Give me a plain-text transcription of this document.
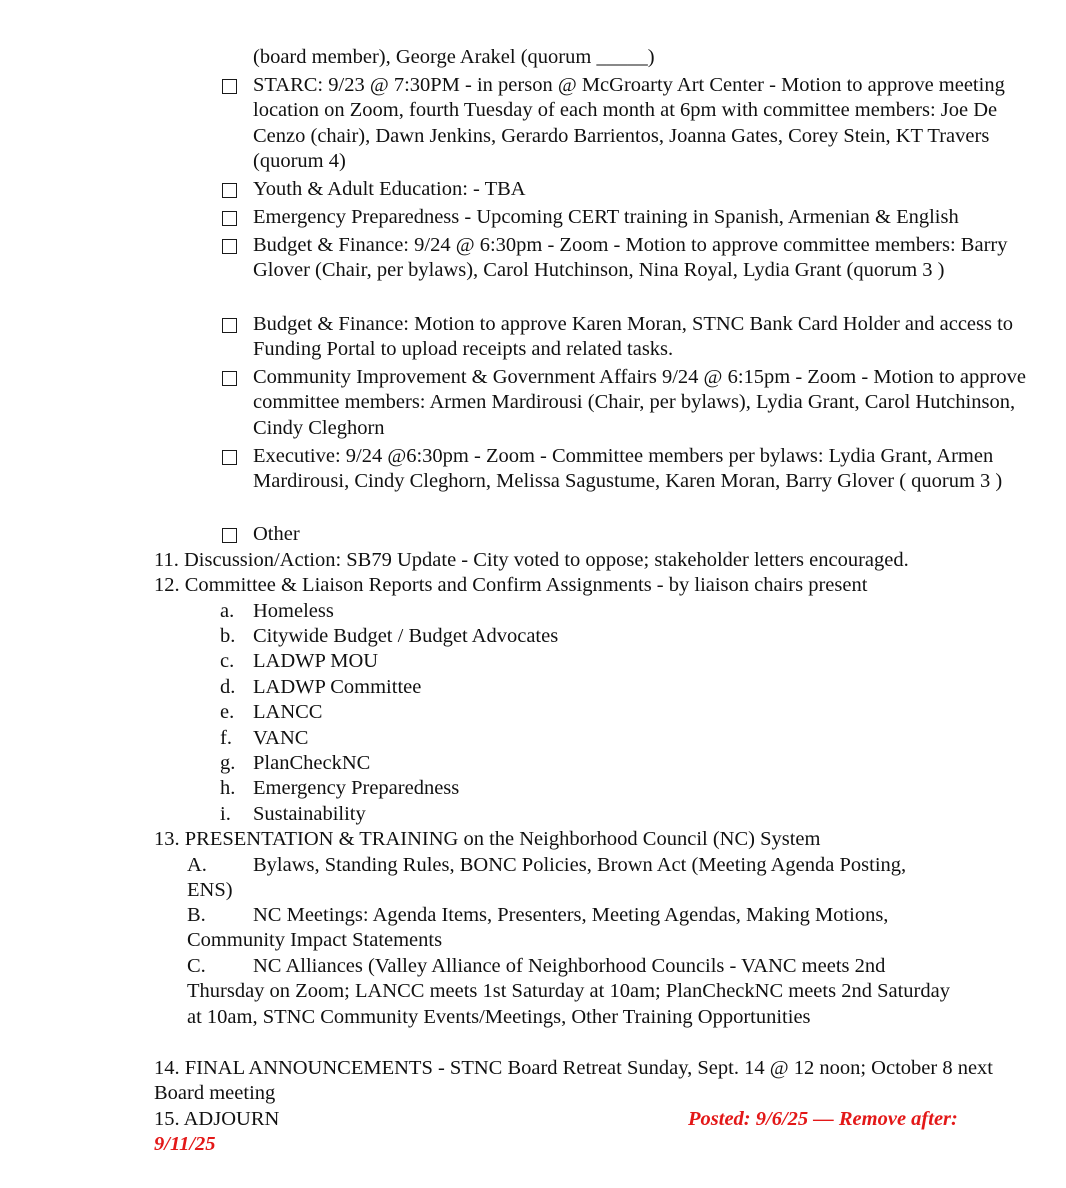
(board member), George Arakel (quorum _____)
STARC: 9/23 @ 7:30PM - in person @ McGroarty Art Center - Motion to approve meeting location on Zoom, fourth Tuesday of each month at 6pm with committee members: Joe De Cenzo (chair), Dawn Jenkins, Gerardo Barrientos, Joanna Gates, Corey Stein, KT Travers (quorum 4)
Youth & Adult Education: - TBA
Emergency Preparedness - Upcoming CERT training in Spanish, Armenian & English
Budget & Finance: 9/24 @ 6:30pm - Zoom - Motion to approve committee members: Barry Glover (Chair, per bylaws), Carol Hutchinson, Nina Royal, Lydia Grant (quorum 3 )
Budget & Finance: Motion to approve Karen Moran, STNC Bank Card Holder and access to Funding Portal to upload receipts and related tasks.
Community Improvement & Government Affairs 9/24 @ 6:15pm - Zoom - Motion to approve committee members: Armen Mardirousi (Chair, per bylaws), Lydia Grant, Carol Hutchinson, Cindy Cleghorn
Executive: 9/24 @6:30pm - Zoom - Committee members per bylaws: Lydia Grant, Armen Mardirousi, Cindy Cleghorn, Melissa Sagustume, Karen Moran, Barry Glover ( quorum 3 )
Other
11. Discussion/Action: SB79 Update - City voted to oppose; stakeholder letters encouraged.
12. Committee & Liaison Reports and Confirm Assignments - by liaison chairs present
a. Homeless
b. Citywide Budget / Budget Advocates
c. LADWP MOU
d. LADWP Committee
e. LANCC
f. VANC
g. PlanCheckNC
h. Emergency Preparedness
i. Sustainability
13. PRESENTATION & TRAINING on the Neighborhood Council (NC) System
A. Bylaws, Standing Rules, BONC Policies, Brown Act (Meeting Agenda Posting, ENS)
B. NC Meetings: Agenda Items, Presenters, Meeting Agendas, Making Motions, Community Impact Statements
C. NC Alliances (Valley Alliance of Neighborhood Councils - VANC meets 2nd Thursday on Zoom; LANCC meets 1st Saturday at 10am; PlanCheckNC meets 2nd Saturday at 10am, STNC Community Events/Meetings, Other Training Opportunities
14. FINAL ANNOUNCEMENTS - STNC Board Retreat Sunday, Sept. 14 @ 12 noon; October 8 next Board meeting
15. ADJOURN	Posted: 9/6/25 — Remove after:
9/11/25
